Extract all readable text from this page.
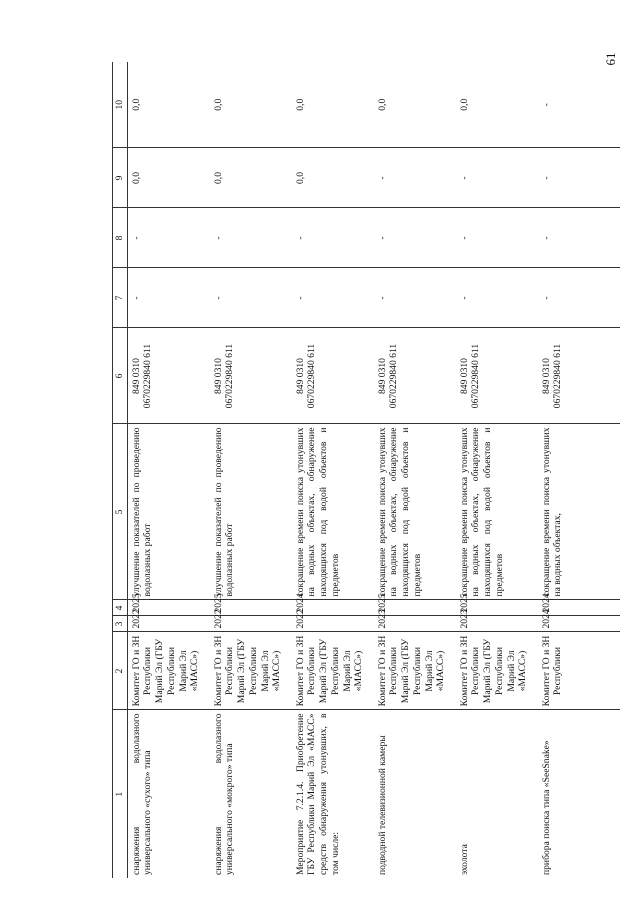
61
1	2	3	4	5	6	7	8	9	10
снаряжения водолазного универсального «сухого» типа	Комитет ГО и ЗН Республики Марий Эл (ГБУ Республики Марий Эл «МАСС»)	2022	2025	улучшение показателей по проведению водолазных работ	849 0310 0670229840 611	-	-	0,0	0,0
снаряжения водолазного универсального «мокрого» типа	Комитет ГО и ЗН Республики Марий Эл (ГБУ Республики Марий Эл «МАСС»)	2022	2025	улучшение показателей по проведению водолазных работ	849 0310 0670229840 611	-	-	0,0	0,0
Мероприятие 7.2.1.4. Приобретение ГБУ Республики Марий Эл «МАСС» средств обнаружения утонувших, в том числе:	Комитет ГО и ЗН Республики Марий Эл (ГБУ Республики Марий Эл «МАСС»)	2022	2024	сокращение времени поиска утонувших на водных объектах, обнаружение находящихся под водой объектов и предметов	849 0310 0670229840 611	-	-	0,0	0,0
подводной телевизионной камеры	Комитет ГО и ЗН Республики Марий Эл (ГБУ Республики Марий Эл «МАСС»)	2023	2025	сокращение времени поиска утонувших на водных объектах, обнаружение находящихся под водой объектов и предметов	849 0310 0670229840 611	-	-	-	0,0
эхолота	Комитет ГО и ЗН Республики Марий Эл (ГБУ Республики Марий Эл «МАСС»)	2023	2025	сокращение времени поиска утонувших на водных объектах, обнаружение находящихся под водой объектов и предметов	849 0310 0670229840 611	-	-	-	0,0
прибора поиска типа «SeeSnake»	Комитет ГО и ЗН Республики	2024	2024	сокращение времени поиска утонувших на водных объектах,	849 0310 0670229840 611	-	-	-	-
